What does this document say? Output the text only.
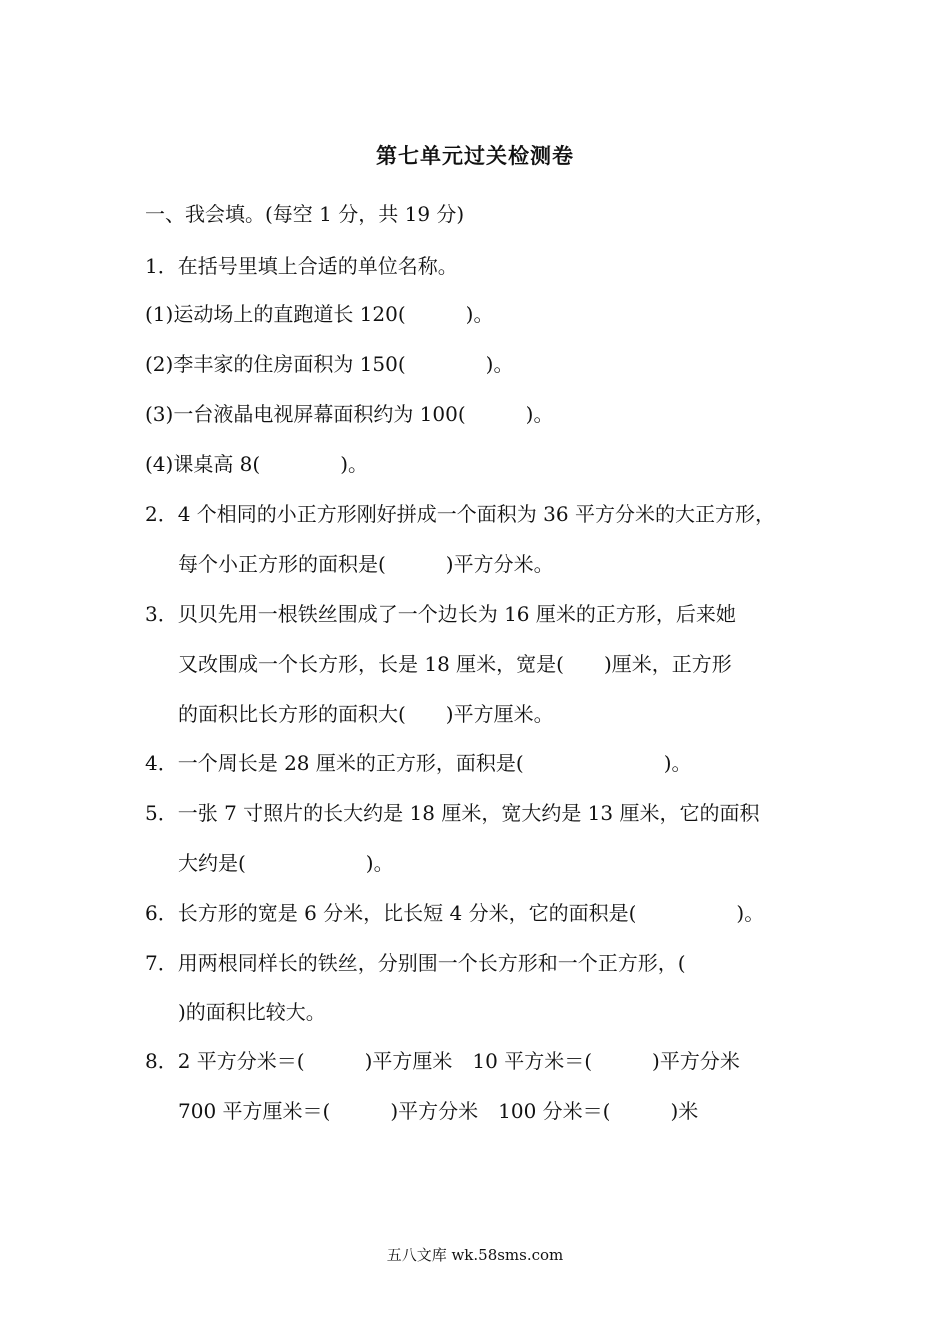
第七单元过关检测卷
一、我会填。(每空 1 分，共 19 分)
1．在括号里填上合适的单位名称。
(1)运动场上的直跑道长 120(　　　)。
(2)李丰家的住房面积为 150(　　　　)。
(3)一台液晶电视屏幕面积约为 100(　　　)。
(4)课桌高 8(　　　　)。
2．4 个相同的小正方形刚好拼成一个面积为 36 平方分米的大正方形，
每个小正方形的面积是(　　　)平方分米。
3．贝贝先用一根铁丝围成了一个边长为 16 厘米的正方形，后来她
又改围成一个长方形，长是 18 厘米，宽是(　　)厘米，正方形
的面积比长方形的面积大(　　)平方厘米。
4．一个周长是 28 厘米的正方形，面积是(　　　　　　　)。
5．一张 7 寸照片的长大约是 18 厘米，宽大约是 13 厘米，它的面积
大约是(　　　　　　)。
6．长方形的宽是 6 分米，比长短 4 分米，它的面积是(　　　　　)。
7．用两根同样长的铁丝，分别围一个长方形和一个正方形，(
)的面积比较大。
8．2 平方分米＝(　　　)平方厘米　10 平方米＝(　　　)平方分米
700 平方厘米＝(　　　)平方分米　100 分米＝(　　　)米
五八文库 wk.58sms.com
